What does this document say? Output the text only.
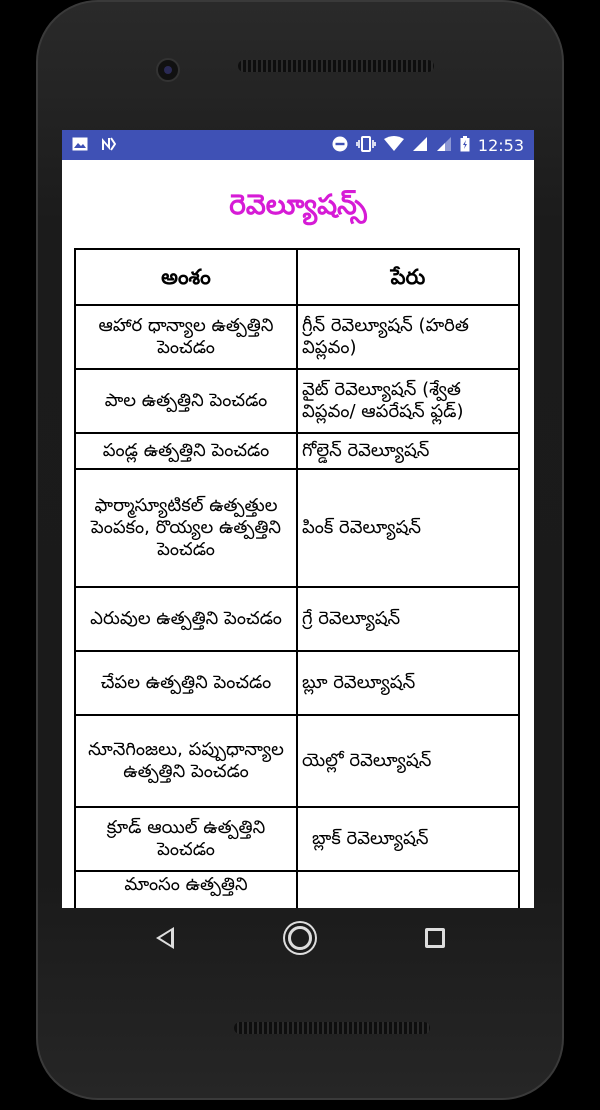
12:53
రెవెల్యూషన్స్
అంశం	పేరు
ఆహార ధాన్యాల ఉత్పత్తిని పెంచడం	గ్రీన్ రెవెల్యూషన్ (హరిత విప్లవం)
పాల ఉత్పత్తిని పెంచడం	వైట్ రెవెల్యూషన్ (శ్వేత విప్లవం/ ఆపరేషన్ ఫ్లడ్)
పండ్ల ఉత్పత్తిని పెంచడం	గోల్డెన్ రెవెల్యూషన్
ఫార్మాస్యూటికల్ ఉత్పత్తుల పెంపకం, రొయ్యల ఉత్పత్తిని పెంచడం	పింక్ రెవెల్యూషన్
ఎరువుల ఉత్పత్తిని పెంచడం	గ్రే రెవెల్యూషన్
చేపల ఉత్పత్తిని పెంచడం	బ్లూ రెవెల్యూషన్
నూనెగింజలు, పప్పుధాన్యాల ఉత్పత్తిని పెంచడం	యెల్లో రెవెల్యూషన్
క్రూడ్ ఆయిల్ ఉత్పత్తిని పెంచడం	బ్లాక్ రెవెల్యూషన్
మాంసం ఉత్పత్తిని	
